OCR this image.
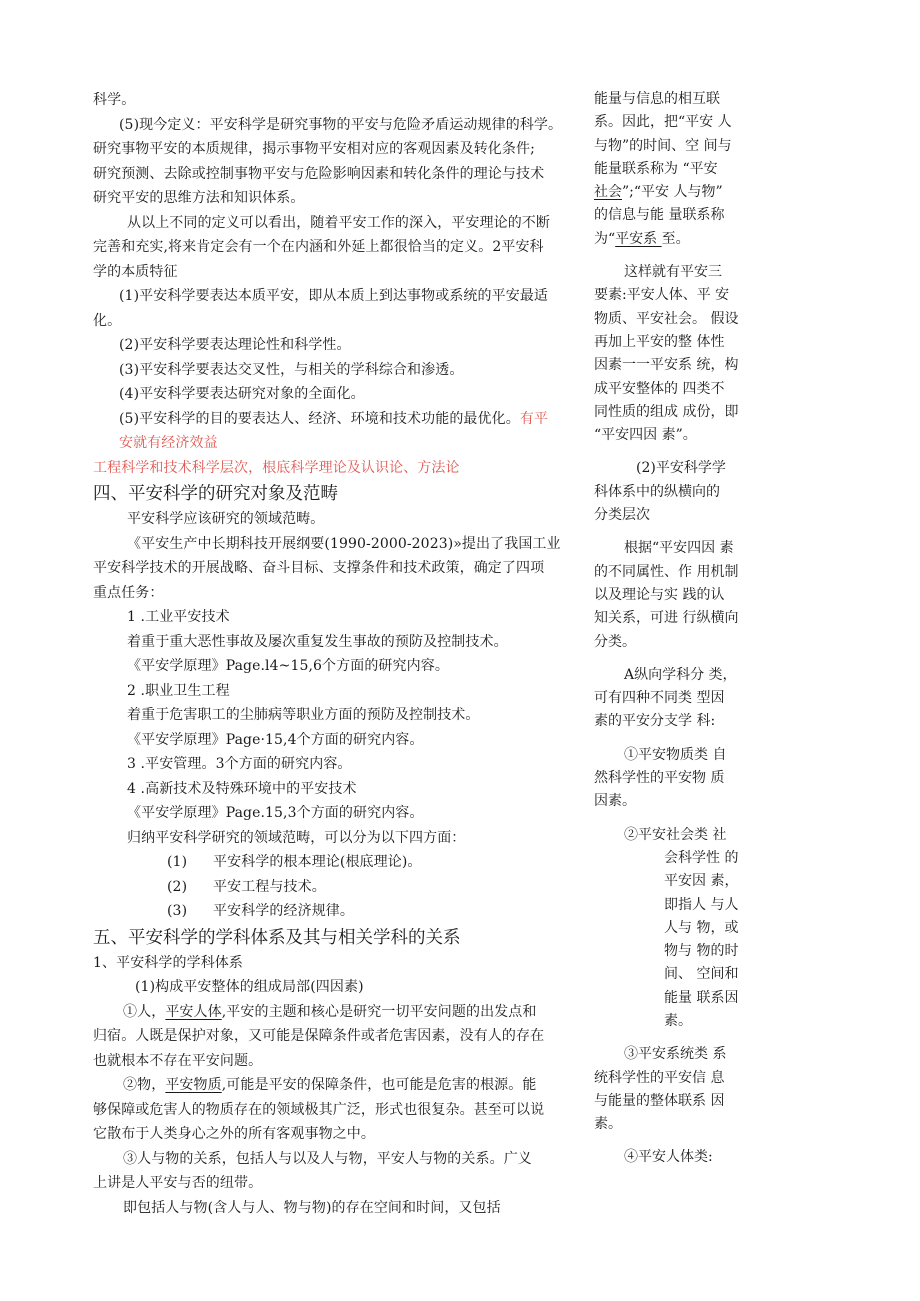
科学。
(5)现今定义：平安科学是研究事物的平安与危险矛盾运动规律的科学。
研究事物平安的本质规律，揭示事物平安相对应的客观因素及转化条件;
研究预测、去除或控制事物平安与危险影响因素和转化条件的理论与技术
研究平安的思维方法和知识体系。
从以上不同的定义可以看出，随着平安工作的深入，平安理论的不断
完善和充实,将来肯定会有一个在内涵和外延上都很恰当的定义。2平安科
学的本质特征
(1)平安科学要表达本质平安，即从本质上到达事物或系统的平安最适
化。
(2)平安科学要表达理论性和科学性。
(3)平安科学要表达交叉性，与相关的学科综合和渗透。
(4)平安科学要表达研究对象的全面化。
(5)平安科学的目的要表达人、经济、环境和技术功能的最优化。有平
安就有经济效益
工程科学和技术科学层次，根底科学理论及认识论、方法论
四、平安科学的研究对象及范畴
平安科学应该研究的领域范畴。
《平安生产中长期科技开展纲要(1990-2000-2023)»提出了我国工业
平安科学技术的开展战略、奋斗目标、支撑条件和技术政策，确定了四项
重点任务：
1 .工业平安技术
着重于重大恶性事故及屡次重复发生事故的预防及控制技术。
《平安学原理》Page.l4~15,6个方面的研究内容。
2 .职业卫生工程
着重于危害职工的尘肺病等职业方面的预防及控制技术。
《平安学原理》Page·15,4个方面的研究内容。
3 .平安管理。3个方面的研究内容。
4 .高新技术及特殊环境中的平安技术
《平安学原理》Page.15,3个方面的研究内容。
归纳平安科学研究的领域范畴，可以分为以下四方面：
(1) 平安科学的根本理论(根底理论)。
(2) 平安工程与技术。
(3) 平安科学的经济规律。
五、平安科学的学科体系及其与相关学科的关系
1、平安科学的学科体系
(1)构成平安整体的组成局部(四因素)
①人，平安人体,平安的主题和核心是研究一切平安问题的出发点和
归宿。人既是保护对象，又可能是保障条件或者危害因素，没有人的存在
也就根本不存在平安问题。
②物，平安物质,可能是平安的保障条件，也可能是危害的根源。能
够保障或危害人的物质存在的领域极其广泛，形式也很复杂。甚至可以说
它散布于人类身心之外的所有客观事物之中。
③人与物的关系，包括人与以及人与物，平安人与物的关系。广义
上讲是人平安与否的纽带。
即包括人与物(含人与人、物与物)的存在空间和时间，又包括
能量与信息的相互联
系。因此，把“平安 人
与物”的时间、空 间与
能量联系称为 “平安
社会”;“平安 人与物”
的信息与能 量联系称
为“平安系 至。
这样就有平安三
要素:平安人体、平 安
物质、平安社会。 假设
再加上平安的整 体性
因素一一平安系 统，构
成平安整体的 四类不
同性质的组成 成份，即
“平安四因 素”。
(2)平安科学学
科体系中的纵横向的
分类层次
根据“平安四因 素
的不同属性、作 用机制
以及理论与实 践的认
知关系，可进 行纵横向
分类。
A纵向学科分 类，
可有四种不同类 型因
素的平安分支学 科:
①平安物质类 自
然科学性的平安物 质
因素。
②平安社会类 社
会科学性 的
平安因 素，
即指人 与人
人与 物，或
物与 物的时
间、 空间和
能量 联系因
素。
③平安系统类 系
统科学性的平安信 息
与能量的整体联系 因
素。
④平安人体类:
